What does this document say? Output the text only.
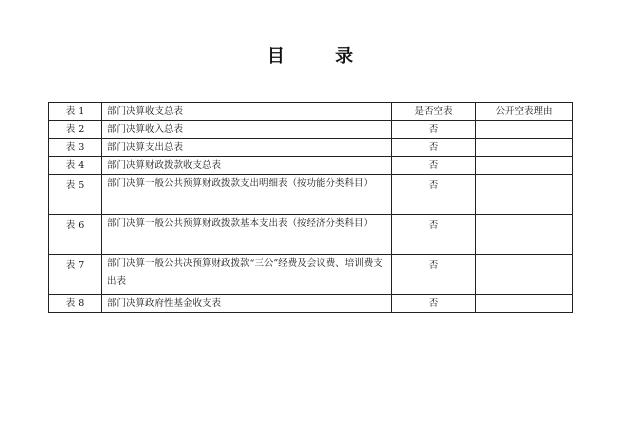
目 录
表 1	部门决算收支总表	是否空表	公开空表理由
表 2	部门决算收入总表	否	
表 3	部门决算支出总表	否	
表 4	部门决算财政拨款收支总表	否	
表 5	部门决算一般公共预算财政拨款支出明细表（按功能分类科目）	否	
表 6	部门决算一般公共预算财政拨款基本支出表（按经济分类科目）	否	
表 7	部门决算一般公共决预算财政拨款“三公”经费及会议费、培训费支出表	否	
表 8	部门决算政府性基金收支表	否	
